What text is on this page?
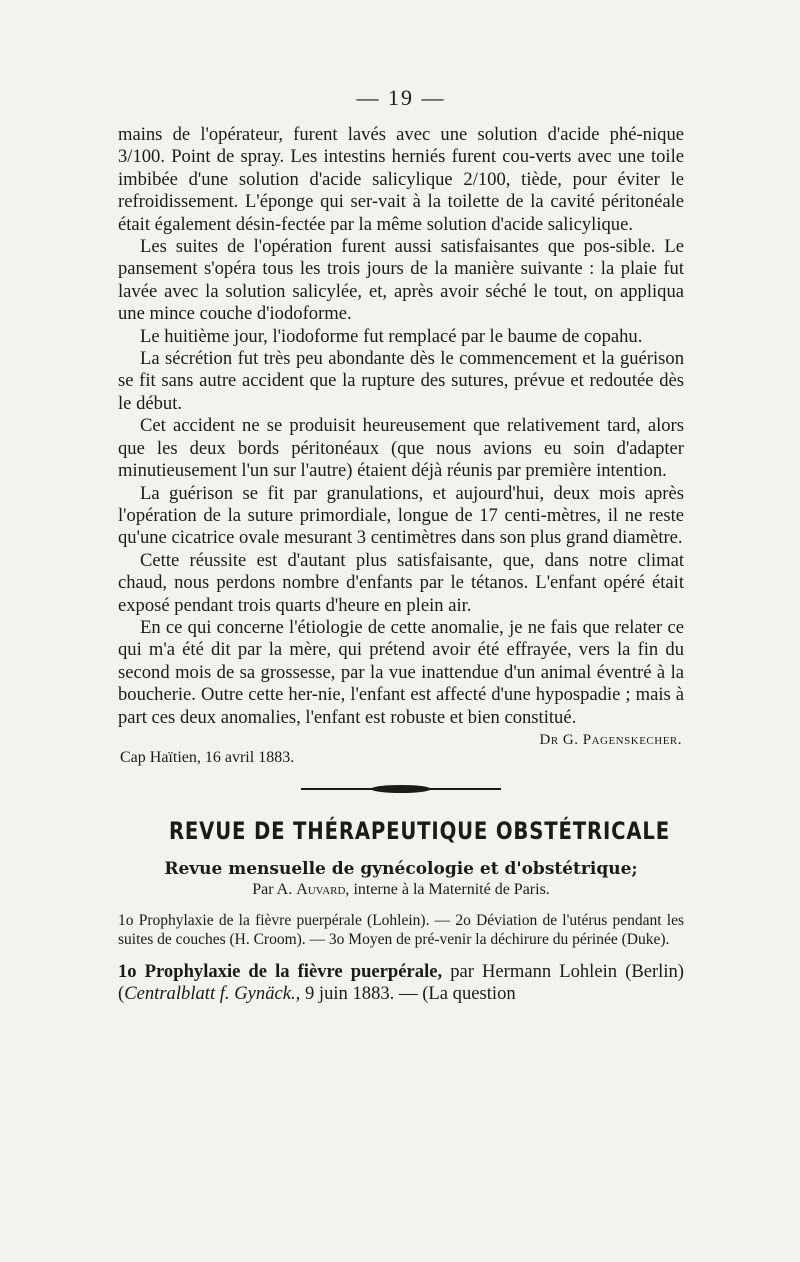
— 19 —

mains de l'opérateur, furent lavés avec une solution d'acide phé-nique 3/100. Point de spray. Les intestins herniés furent cou-verts avec une toile imbibée d'une solution d'acide salicylique 2/100, tiède, pour éviter le refroidissement. L'éponge qui ser-vait à la toilette de la cavité péritonéale était également désin-fectée par la même solution d'acide salicylique.

Les suites de l'opération furent aussi satisfaisantes que pos-sible. Le pansement s'opéra tous les trois jours de la manière suivante : la plaie fut lavée avec la solution salicylée, et, après avoir séché le tout, on appliqua une mince couche d'iodoforme.

Le huitième jour, l'iodoforme fut remplacé par le baume de copahu.

La sécrétion fut très peu abondante dès le commencement et la guérison se fit sans autre accident que la rupture des sutures, prévue et redoutée dès le début.

Cet accident ne se produisit heureusement que relativement tard, alors que les deux bords péritonéaux (que nous avions eu soin d'adapter minutieusement l'un sur l'autre) étaient déjà réunis par première intention.

La guérison se fit par granulations, et aujourd'hui, deux mois après l'opération de la suture primordiale, longue de 17 centi-mètres, il ne reste qu'une cicatrice ovale mesurant 3 centimètres dans son plus grand diamètre.

Cette réussite est d'autant plus satisfaisante, que, dans notre climat chaud, nous perdons nombre d'enfants par le tétanos. L'enfant opéré était exposé pendant trois quarts d'heure en plein air.

En ce qui concerne l'étiologie de cette anomalie, je ne fais que relater ce qui m'a été dit par la mère, qui prétend avoir été effrayée, vers la fin du second mois de sa grossesse, par la vue inattendue d'un animal éventré à la boucherie. Outre cette her-nie, l'enfant est affecté d'une hypospadie ; mais à part ces deux anomalies, l'enfant est robuste et bien constitué.

Dr G. Pagenskecher.
Cap Haïtien, 16 avril 1883.
REVUE DE THÉRAPEUTIQUE OBSTÉTRICALE
Revue mensuelle de gynécologie et d'obstétrique;
Par A. Auvard, interne à la Maternité de Paris.

1o Prophylaxie de la fièvre puerpérale (Lohlein). — 2o Déviation de l'utérus pendant les suites de couches (H. Croom). — 3o Moyen de pré-venir la déchirure du périnée (Duke).

1o Prophylaxie de la fièvre puerpérale, par Hermann Lohlein (Berlin) (Centralblatt f. Gynäck., 9 juin 1883. — (La question
